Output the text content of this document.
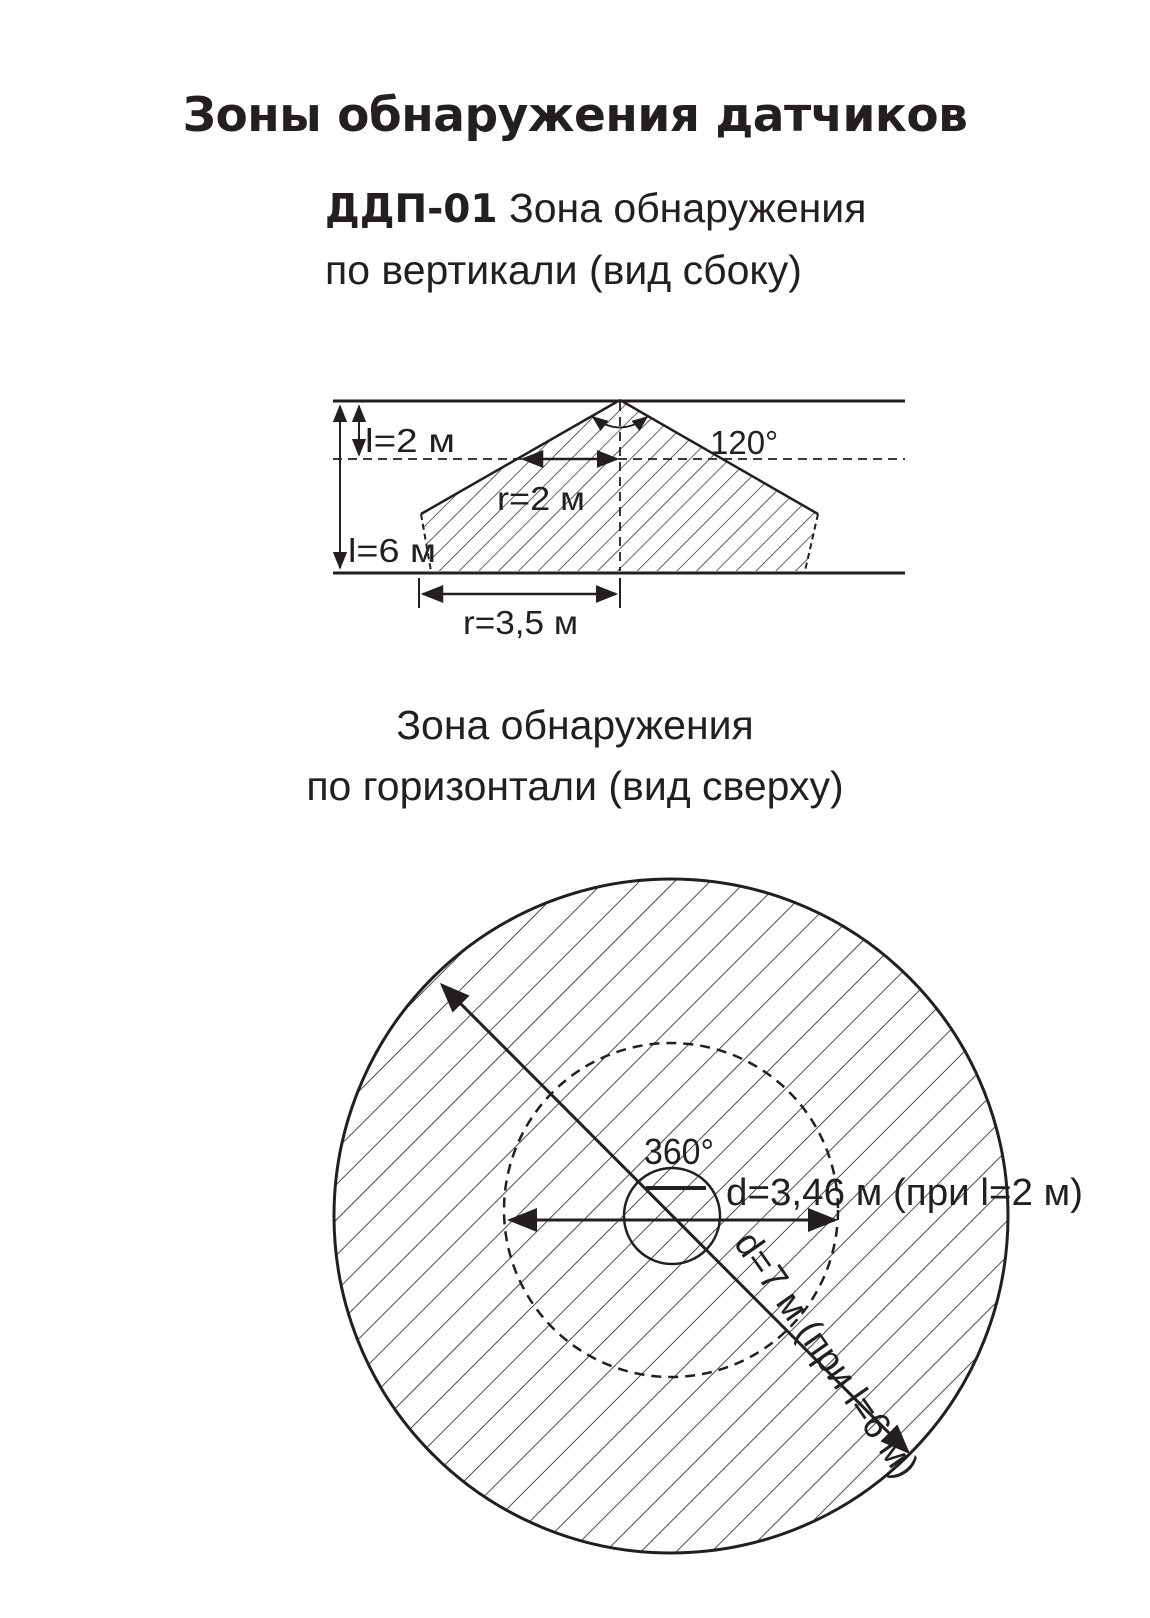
Зоны обнаружения датчиков
ДДП-01 Зона обнаружения
по вертикали (вид сбоку)
l=2 м	120°
r=2 м
l=6 м
r=3,5 м
Зона обнаружения
по горизонтали (вид сверху)
360°
d=3,46 м (при l=2 м)
d=7 м (при l=6 м)
